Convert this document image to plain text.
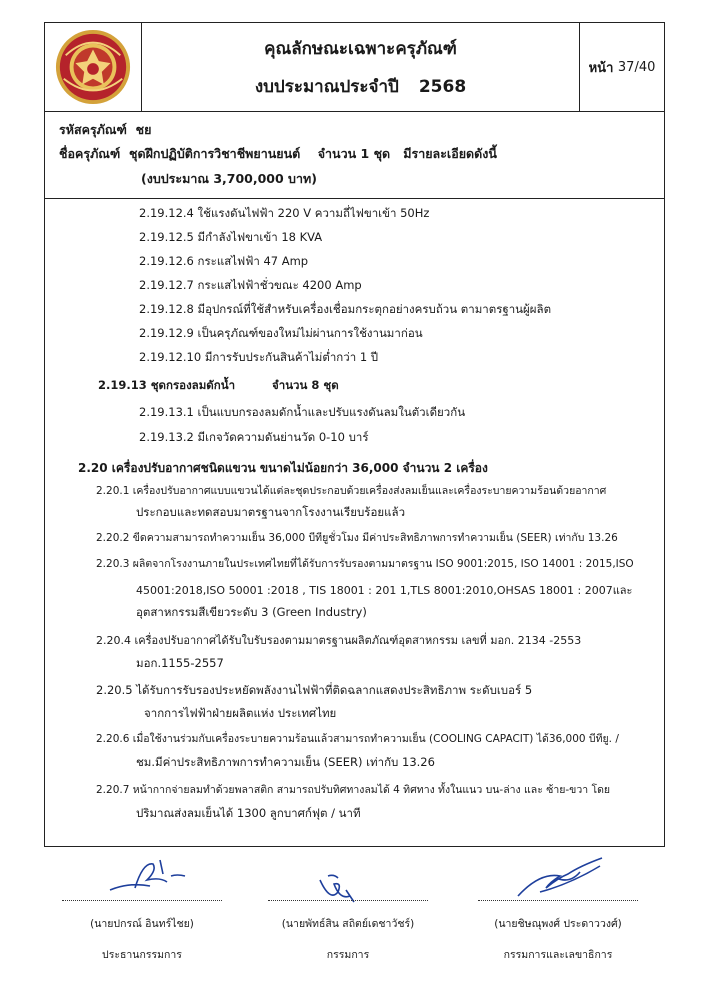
คุณลักษณะเฉพาะครุภัณฑ์
งบประมาณประจำปี 2568
หน้า
37/40
รหัสครุภัณฑ์ ชย
ชื่อครุภัณฑ์ ชุดฝึกปฏิบัติการวิชาชีพยานยนต์ จำนวน 1 ชุด มีรายละเอียดดังนี้
(งบประมาณ 3,700,000 บาท)
2.19.12.4 ใช้แรงดันไฟฟ้า 220 V ความถี่ไฟขาเข้า 50Hz
2.19.12.5 มีกำลังไฟขาเข้า 18 KVA
2.19.12.6 กระแสไฟฟ้า 47 Amp
2.19.12.7 กระแสไฟฟ้าชั่วขณะ 4200 Amp
2.19.12.8 มีอุปกรณ์ที่ใช้สำหรับเครื่องเชื่อมกระตุกอย่างครบถ้วน ตามาตรฐานผู้ผลิต
2.19.12.9 เป็นครุภัณฑ์ของใหม่ไม่ผ่านการใช้งานมาก่อน
2.19.12.10 มีการรับประกันสินค้าไม่ต่ำกว่า 1 ปี
2.19.13 ชุดกรองลมดักน้ำ	จำนวน 8 ชุด
2.19.13.1 เป็นแบบกรองลมดักน้ำและปรับแรงดันลมในตัวเดียวกัน
2.19.13.2 มีเกจวัดความดันย่านวัด 0-10 บาร์
2.20 เครื่องปรับอากาศชนิดแขวน ขนาดไม่น้อยกว่า 36,000 จำนวน 2 เครื่อง
2.20.1 เครื่องปรับอากาศแบบแขวนได้แต่ละชุดประกอบด้วยเครื่องส่งลมเย็นและเครื่องระบายความร้อนด้วยอากาศ
ประกอบและทดสอบมาตรฐานจากโรงงานเรียบร้อยแล้ว
2.20.2 ขีดความสามารถทำความเย็น 36,000 บีทียูชั่วโมง มีค่าประสิทธิภาพการทำความเย็น (SEER) เท่ากับ 13.26
2.20.3 ผลิตจากโรงงานภายในประเทศไทยที่ได้รับการรับรองตามมาตรฐาน ISO 9001:2015, ISO 14001 : 2015,ISO
45001:2018,ISO 50001 :2018 , TIS 18001 : 201 1,TLS 8001:2010,OHSAS 18001 : 2007และ
อุตสาหกรรมสีเขียวระดับ 3 (Green Industry)
2.20.4 เครื่องปรับอากาศได้รับใบรับรองตามมาตรฐานผลิตภัณฑ์อุตสาหกรรม เลขที่ มอก. 2134 -2553
มอก.1155-2557
2.20.5 ได้รับการรับรองประหยัดพลังงานไฟฟ้าที่ติดฉลากแสดงประสิทธิภาพ ระดับเบอร์ 5
จากการไฟฟ้าฝ่ายผลิตแห่ง ประเทศไทย
2.20.6 เมื่อใช้งานร่วมกับเครื่องระบายความร้อนแล้วสามารถทำความเย็น (COOLING CAPACIT) ได้36,000 บีทียู. /
ชม.มีค่าประสิทธิภาพการทำความเย็น (SEER) เท่ากับ 13.26
2.20.7 หน้ากากจ่ายลมทำด้วยพลาสติก สามารถปรับทิศทางลมได้ 4 ทิศทาง ทั้งในแนว บน-ล่าง และ ซ้าย-ขวา โดย
ปริมาณส่งลมเย็นได้ 1300 ลูกบาศก์ฟุต / นาที
(นายปกรณ์ อินทร์ไชย)
ประธานกรรมการ
(นายพัทธ์สิน สถิตย์เดชาวัชร์)
กรรมการ
(นายชิษณุพงศ์ ประดาววงศ์)
กรรมการและเลขาธิการ
